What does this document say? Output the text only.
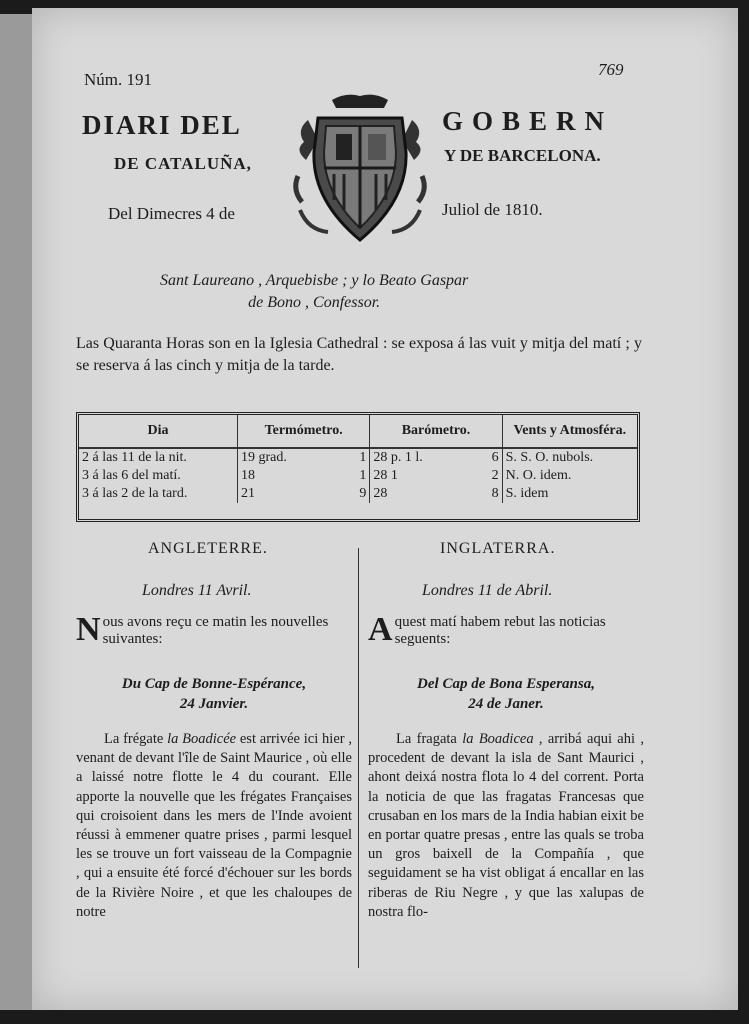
Núm. 191
769
DIARI DEL	GOBERN
DE CATALUÑA,	Y DE BARCELONA.
Del Dimecres 4 de	Juliol de 1810.
Sant Laureano , Arquebisbe ; y lo Beato Gaspar
de Bono , Confessor.
Las Quaranta Horas son en la Iglesia Cathedral : se exposa á las vuit y mitja del matí ; y se reserva á las cinch y mitja de la tarde.
Dia	Termómetro.		Barómetro.		Vents y Atmosféra.
2 á las 11 de la nit.	19 grad.	1	28 p. 1 l.	6	S. S. O. nubols.
3 á las 6 del matí.	18	1	28 1	2	N. O. idem.
3 á las 2 de la tard.	21	9	28	8	S. idem
ANGLETERRE.
Londres 11 Avril.
N ous avons reçu ce matin les nouvelles suivantes:
Du Cap de Bonne-Espérance,
24 Janvier.
La frégate la Boadicée est arrivée ici hier , venant de devant l'île de Saint Maurice , où elle a laissé notre flotte le 4 du courant. Elle apporte la nouvelle que les frégates Françaises qui croisoient dans les mers de l'Inde avoient réussi à emmener quatre prises , parmi lesquel les se trouve un fort vaisseau de la Compagnie , qui a ensuite été forcé d'échouer sur les bords de la Rivière Noire , et que les chaloupes de notre
INGLATERRA.
Londres 11 de Abril.
A quest matí habem rebut las noticias seguents:
Del Cap de Bona Esperansa,
24 de Janer.
La fragata la Boadicea , arribá aqui ahi , procedent de devant la isla de Sant Maurici , ahont deixá nostra flota lo 4 del corrent. Porta la noticia de que las fragatas Francesas que crusaban en los mars de la India habian eixit be en portar quatre presas , entre las quals se troba un gros baixell de la Compañía , que seguidament se ha vist obligat á encallar en las riberas de Riu Negre , y que las xalupas de nostra flo-
